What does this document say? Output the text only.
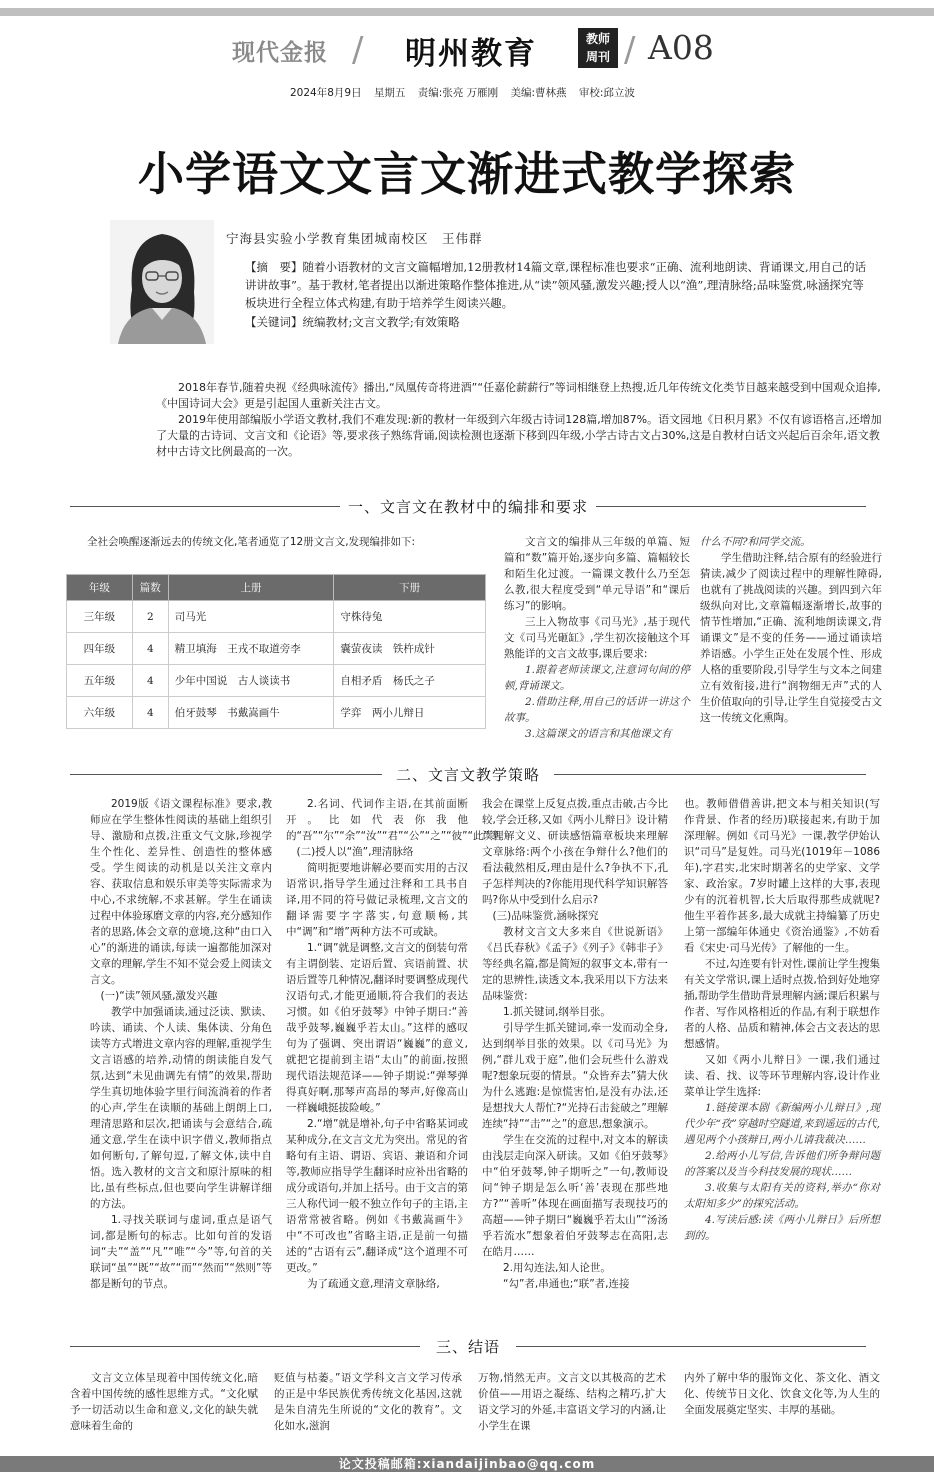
现代金报 / 明州教育	教师
周刊 / A08
2024年8月9日 星期五 责编:张亮 万雁刚 美编:曹林燕 审校:邱立波
小学语文文言文渐进式教学探索
宁海县实验小学教育集团城南校区　王伟群

【摘　要】随着小语教材的文言文篇幅增加,12册教材14篇文章,课程标准也要求“正确、流利地朗读、背诵课文,用自己的话讲讲故事”。基于教材,笔者提出以渐进策略作整体推进,从“读”领风骚,激发兴趣;授人以“渔”,理清脉络;品味鉴赏,咏涵探究等板块进行全程立体式构建,有助于培养学生阅读兴趣。

【关键词】统编教材;文言文教学;有效策略

2018年春节,随着央视《经典咏流传》播出,“凤凰传奇将进酒”“任嘉伦薪薪行”等词相继登上热搜,近几年传统文化类节目越来越受到中国观众追捧,《中国诗词大会》更是引起国人重新关注古文。

2019年使用部编版小学语文教材,我们不难发现:新的教材一年级到六年级古诗词128篇,增加87%。语文园地《日积月累》不仅有谚语格言,还增加了大量的古诗词、文言文和《论语》等,要求孩子熟练背诵,阅读检测也逐渐下移到四年级,小学古诗古文占30%,这是自教材白话文兴起后百余年,语文教材中古诗文比例最高的一次。

一、文言文在教材中的编排和要求

全社会唤醒逐渐远去的传统文化,笔者通览了12册文言文,发现编排如下:

年级	篇数	上册	下册
三年级	2	司马光	守株待兔
四年级	4	精卫填海　王戎不取道旁李	囊萤夜读　铁杵成针
五年级	4	少年中国说　古人谈读书	自相矛盾　杨氏之子
六年级	4	伯牙鼓琴　书戴嵩画牛	学弈　两小儿辩日

文言文的编排从三年级的单篇、短篇和“数”篇开始,逐步向多篇、篇幅较长和陌生化过渡。一篇课文教什么乃至怎么教,很大程度受到“单元导语”和“课后练习”的影响。

三上入物故事《司马光》,基于现代文《司马光砸缸》,学生初次接触这个耳熟能详的文言文故事,课后要求:

1.跟着老师读课文,注意词句间的停顿,背诵课文。

2.借助注释,用自己的话讲一讲这个故事。

3.这篇课文的语言和其他课文有

什么不同?和同学交流。

学生借助注释,结合原有的经验进行猜读,减少了阅读过程中的理解性障碍,也就有了挑战阅读的兴趣。到四到六年级纵向对比,文章篇幅逐渐增长,故事的情节性增加,“正确、流利地朗读课文,背诵课文”是不变的任务——通过诵读培养语感。小学生正处在发展个性、形成人格的重要阶段,引导学生与文本之间建立有效衔接,进行“润物细无声”式的人生价值取向的引导,让学生自觉接受古文这一传统文化熏陶。

二、文言文教学策略

2019版《语文课程标准》要求,教师应在学生整体性阅读的基础上组织引导、激励和点拨,注重文气文脉,珍视学生个性化、差异性、创造性的整体感受。学生阅读的动机是以关注文章内容、获取信息和娱乐审美等实际需求为中心,不求统解,不求甚解。学生在诵读过程中体验琢磨文章的内容,充分感知作者的思路,体会文章的意境,这种“由口入心”的渐进的诵读,每读一遍都能加深对文章的理解,学生不知不觉会爱上阅读文言文。

(一)“读”领风骚,激发兴趣

教学中加强诵读,通过泛读、默读、吟读、诵读、个人读、集体读、分角色读等方式增进文章内容的理解,重视学生文言语感的培养,动情的朗读能自发气氛,达到“未见曲调先有情”的效果,帮助学生真切地体验字里行间流淌着的作者的心声,学生在读顺的基础上朗朗上口,理清思路和层次,把诵读与会意结合,疏通文意,学生在读中识字借义,教师指点如何断句,了解句逗,了解文体,读中自悟。选入教材的文言文和原汁原味的相比,虽有些标点,但也要向学生讲解详细的方法。

1.寻找关联词与虚词,重点是语气词,都是断句的标志。比如句首的发语词“夫”“盖”“凡”“唯”“今”等,句首的关联词“虽”“既”“故”“而”“然而”“然则”等都是断句的节点。

2.名词、代词作主语,在其前面断开。比如代表你我他的“吾”“尔”“余”“汝”“君”“公”“之”“彼”“此”等。

(二)授人以“渔”,理清脉络

简明扼要地讲解必要而实用的古汉语常识,指导学生通过注释和工具书自译,用不同的符号做记录梳理,文言文的翻译需要字字落实,句意顺畅,其中“调”和“增”两种方法不可或缺。

1.“调”就是调整,文言文的倒装句常有主谓倒装、定语后置、宾语前置、状语后置等几种情况,翻译时要调整成现代汉语句式,才能更通顺,符合我们的表达习惯。如《伯牙鼓琴》中钟子期曰:“善哉乎鼓琴,巍巍乎若太山。”这样的感叹句为了强调、突出谓语“巍巍”的意义,就把它提前到主语“太山”的前面,按照现代语法规范译——钟子期说:“弹琴弹得真好啊,那琴声高昂的琴声,好像高山一样巍峨挺拔险峻。”

2.“增”就是增补,句子中省略某词或某种成分,在文言文尤为突出。常见的省略句有主语、谓语、宾语、兼语和介词等,教师应指导学生翻译时应补出省略的成分或语句,并加上括号。由于文言的第三人称代词一般不独立作句子的主语,主语常常被省略。例如《书戴嵩画牛》中“不可改也”省略主语,正是前一句描述的“古语有云”,翻译成“这个道理不可更改。”

为了疏通文意,理清文章脉络,

我会在课堂上反复点拨,重点击破,古今比较,学会迁移,又如《两小儿辩日》设计精读理解文义、研读感悟篇章板块来理解文章脉络:两个小孩在争辩什么?他们的看法截然相反,理由是什么?争执不下,孔子怎样判决的?你能用现代科学知识解答吗?你从中受到什么启示?

(三)品味鉴赏,涵咏探究

教材文言文大多来自《世说新语》《吕氏春秋》《孟子》《列子》《韩非子》等经典名篇,都是简短的叙事文本,带有一定的思辨性,读透文本,我采用以下方法来品味鉴赏:

1.抓关键词,纲举目张。

引导学生抓关键词,牵一发而动全身,达到纲举目张的效果。以《司马光》为例,“群儿戏于庭”,他们会玩些什么游戏呢?想象玩耍的情景。“众皆弃去”猜大伙为什么逃跑:是惊慌害怕,是没有办法,还是想找大人帮忙?“光持石击瓮破之”理解连续“持”“击”“之”的意思,想象演示。

学生在交流的过程中,对文本的解读由浅层走向深入研读。又如《伯牙鼓琴》中“伯牙鼓琴,钟子期听之”一句,教师设问“钟子期是怎么听‘善’表现在那些地方?”“善听”体现在画面描写表现技巧的高超——钟子期曰“巍巍乎若太山”“汤汤乎若流水”想象着伯牙鼓琴志在高阳,志在皓月……

2.用勾连法,知人论世。

“勾”者,串通也;“联”者,连接

也。教师借借善讲,把文本与相关知识(写作背景、作者的经历)联接起来,有助于加深理解。例如《司马光》一课,教学伊始认识“司马”是复姓。司马光(1019年－1086年),字君实,北宋时期著名的史学家、文学家、政治家。7岁时罐上这样的大事,表现少有的沉着机智,长大后取得那些成就呢?他生平着作甚多,最大成就主持编纂了历史上第一部编年体通史《资治通鉴》,不妨看看《宋史·司马光传》了解他的一生。

不过,勾连要有针对性,课前让学生搜集有关文学常识,课上适时点拨,恰到好处地穿插,帮助学生借助背景理解内涵;课后积累与作者、写作风格相近的作品,有利于联想作者的人格、品质和精神,体会古文表达的思想感情。

又如《两小儿辩日》一课,我们通过读、看、找、议等环节理解内容,设计作业菜单让学生选择:

1.链接课本剧《新编两小儿辩日》,现代少年“孜”穿越时空隧道,来到遥远的古代,遇见两个小孩辩日,两小儿请我裁决……

2.给两小儿写信,告诉他们所争辩问题的答案以及当今科技发展的现状……

3.收集与太阳有关的资料,举办“你对太阳知多少”的探究活动。

4.写读后感:读《两小儿辩日》后所想到的。

三、结语

文言文立体呈现着中国传统文化,暗含着中国传统的感性思维方式。“文化赋予一切活动以生命和意义,文化的缺失就意味着生命的

贬值与枯萎。”语文学科文言文学习传承的正是中华民族优秀传统文化基因,这就是朱自清先生所说的“文化的教育”。文化如水,滋润

万物,悄然无声。文言文以其极高的艺术价值——用语之凝练、结构之精巧,扩大语文学习的外延,丰富语文学习的内涵,让小学生在课

内外了解中华的服饰文化、茶文化、酒文化、传统节日文化、饮食文化等,为人生的全面发展奠定坚实、丰厚的基础。

论文投稿邮箱:xiandaijinbao@qq.com
